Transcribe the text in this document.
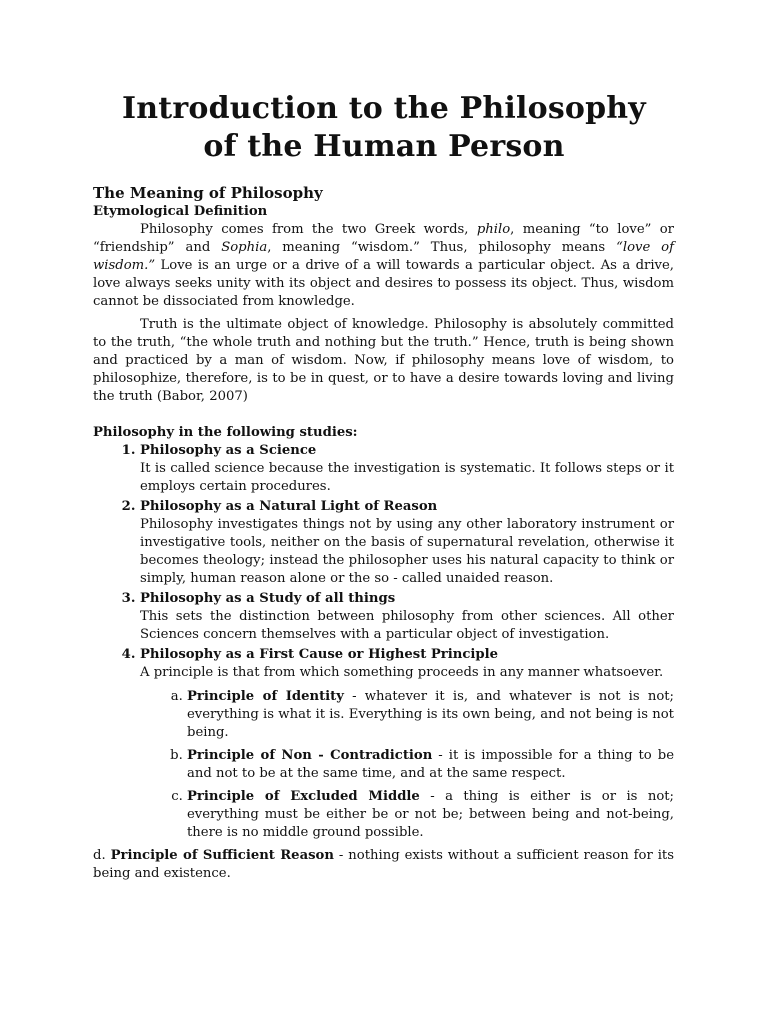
Introduction to the Philosophy
of the Human Person
The Meaning of Philosophy
Etymological Definition

Philosophy comes from the two Greek words, philo, meaning “to love” or “friendship” and Sophia, meaning “wisdom.” Thus, philosophy means “love of wisdom.” Love is an urge or a drive of a will towards a particular object. As a drive, love always seeks unity with its object and desires to possess its object. Thus, wisdom cannot be dissociated from knowledge.

Truth is the ultimate object of knowledge. Philosophy is absolutely committed to the truth, “the whole truth and nothing but the truth.” Hence, truth is being shown and practiced by a man of wisdom. Now, if philosophy means love of wisdom, to philosophize, therefore, is to be in quest, or to have a desire towards loving and living the truth (Babor, 2007)

Philosophy in the following studies:

1. Philosophy as a Science
It is called science because the investigation is systematic. It follows steps or it employs certain procedures.
2. Philosophy as a Natural Light of Reason
Philosophy investigates things not by using any other laboratory instrument or investigative tools, neither on the basis of supernatural revelation, otherwise it becomes theology; instead the philosopher uses his natural capacity to think or simply, human reason alone or the so - called unaided reason.
3. Philosophy as a Study of all things
This sets the distinction between philosophy from other sciences. All other Sciences concern themselves with a particular object of investigation.
4. Philosophy as a First Cause or Highest Principle
A principle is that from which something proceeds in any manner whatsoever.
a. Principle of Identity - whatever it is, and whatever is not is not; everything is what it is. Everything is its own being, and not being is not being.
b. Principle of Non - Contradiction - it is impossible for a thing to be and not to be at the same time, and at the same respect.
c. Principle of Excluded Middle - a thing is either is or is not; everything must be either be or not be; between being and not-being, there is no middle ground possible.

d. Principle of Sufficient Reason - nothing exists without a sufficient reason for its being and existence.
